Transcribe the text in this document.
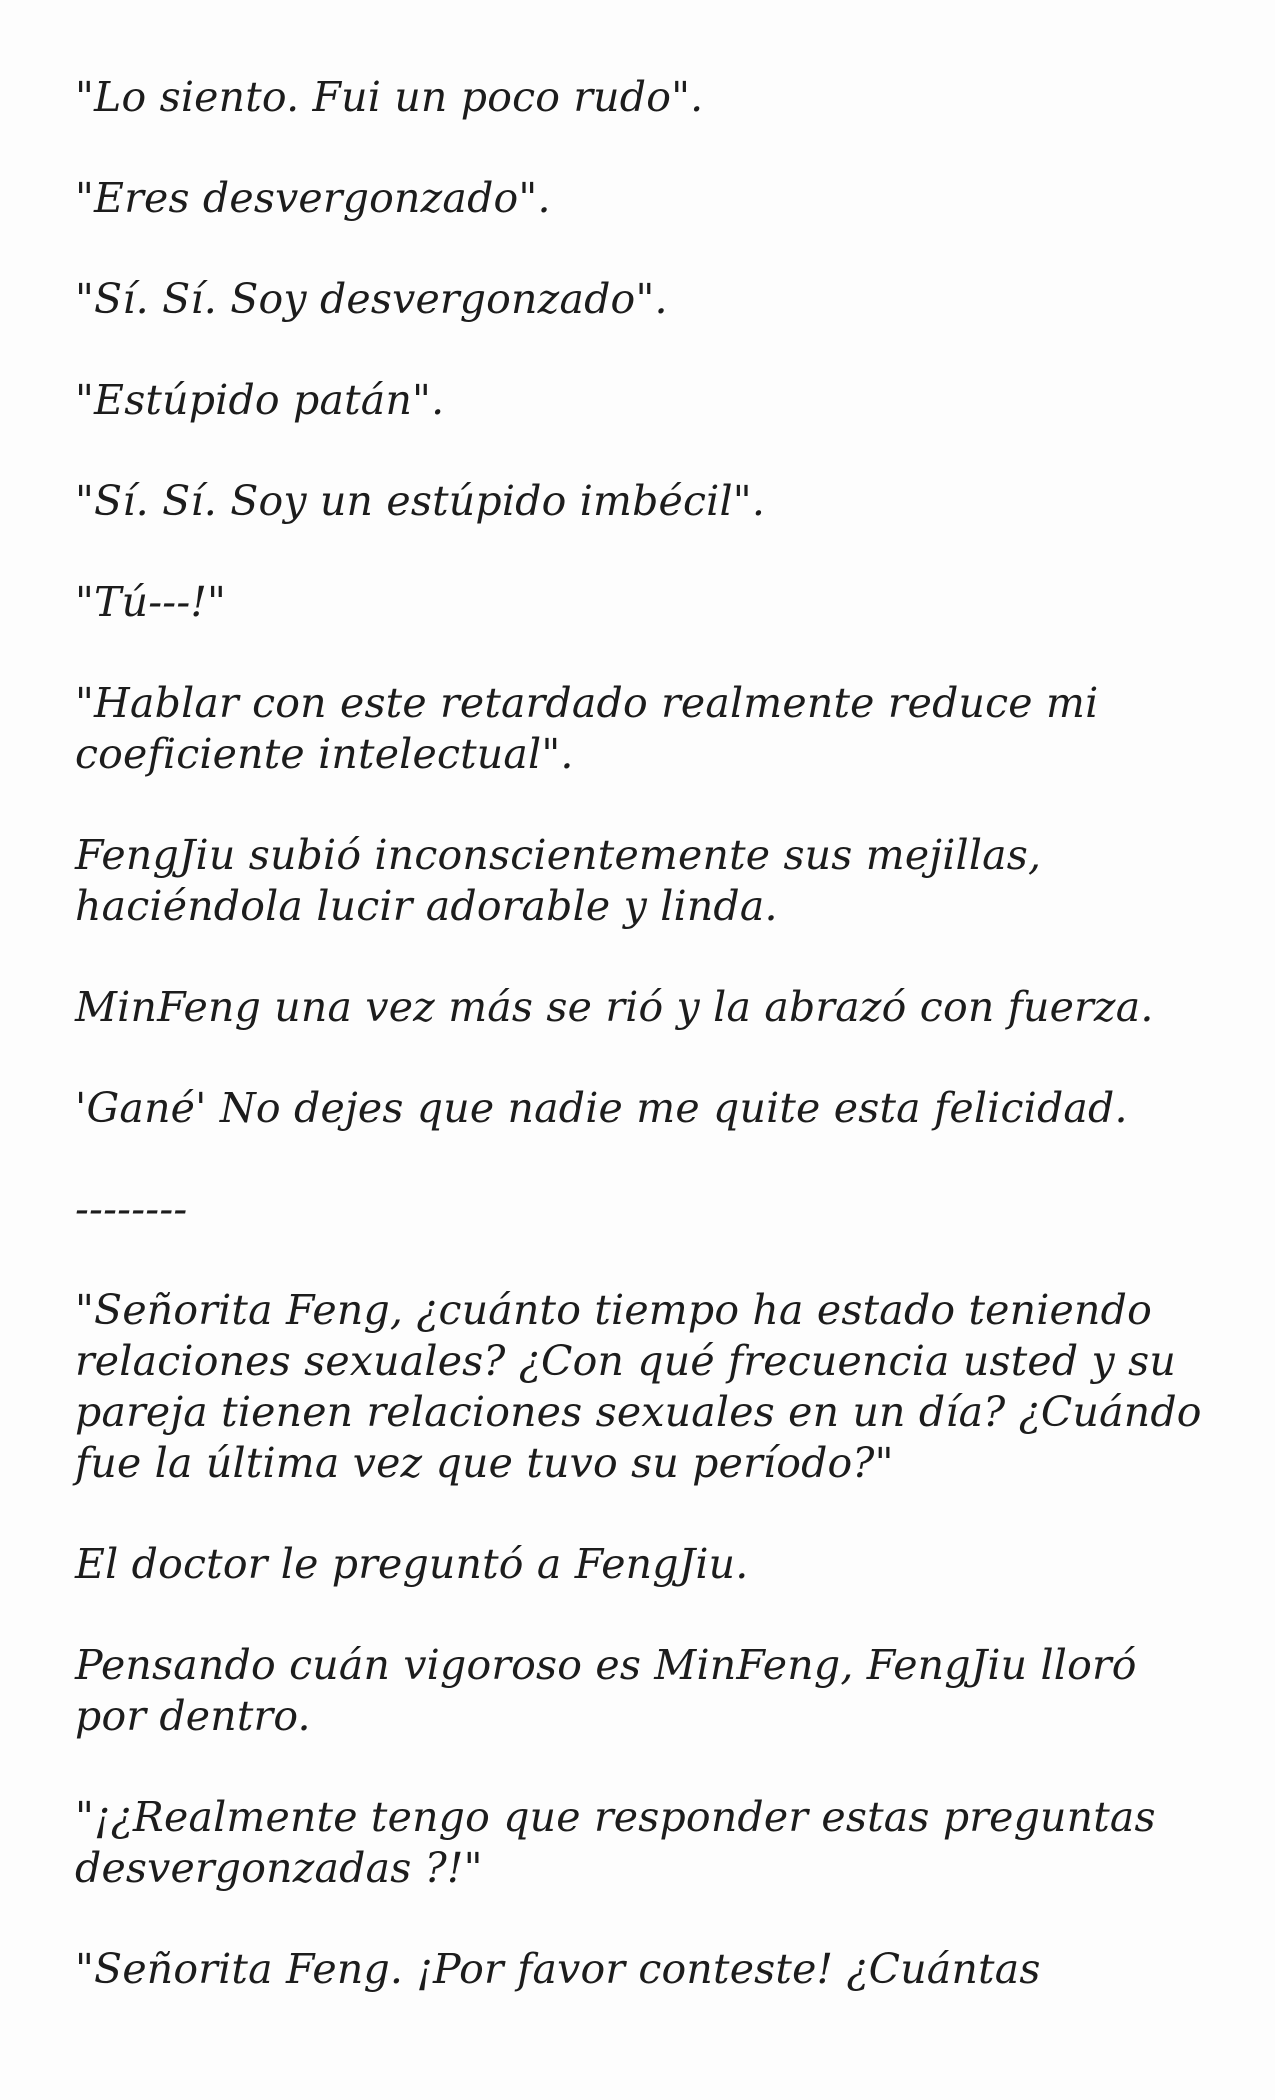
"Lo siento. Fui un poco rudo".

"Eres desvergonzado".

"Sí. Sí. Soy desvergonzado".

"Estúpido patán".

"Sí. Sí. Soy un estúpido imbécil".

"Tú---!"

"Hablar con este retardado realmente reduce mi coeficiente intelectual".

FengJiu subió inconscientemente sus mejillas, haciéndola lucir adorable y linda.

MinFeng una vez más se rió y la abrazó con fuerza.

'Gané' No dejes que nadie me quite esta felicidad.

--------

"Señorita Feng, ¿cuánto tiempo ha estado teniendo relaciones sexuales? ¿Con qué frecuencia usted y su pareja tienen relaciones sexuales en un día? ¿Cuándo fue la última vez que tuvo su período?"

El doctor le preguntó a FengJiu.

Pensando cuán vigoroso es MinFeng, FengJiu lloró por dentro.

"¡¿Realmente tengo que responder estas preguntas desvergonzadas ?!"

"Señorita Feng. ¡Por favor conteste! ¿Cuántas
